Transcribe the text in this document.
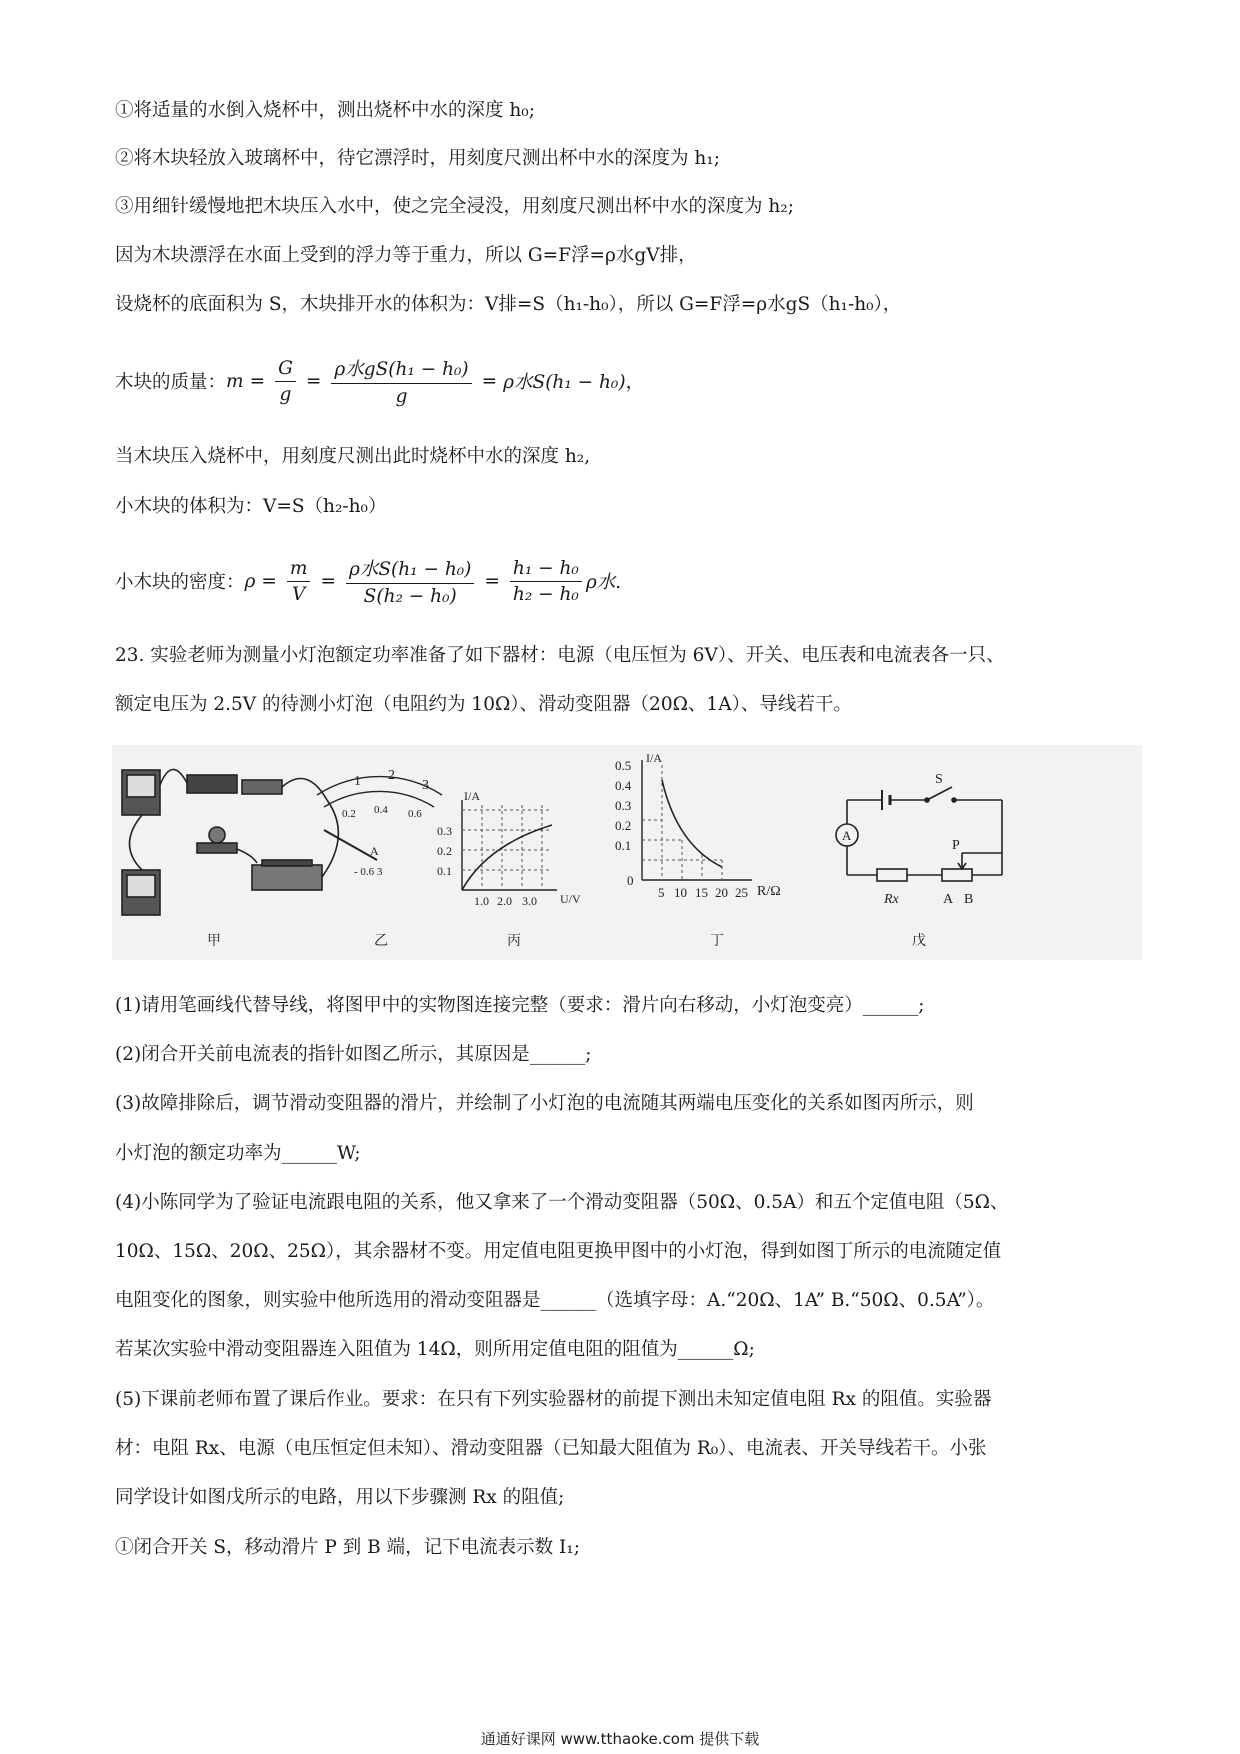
①将适量的水倒入烧杯中，测出烧杯中水的深度 h₀;
②将木块轻放入玻璃杯中，待它漂浮时，用刻度尺测出杯中水的深度为 h₁;
③用细针缓慢地把木块压入水中，使之完全浸没，用刻度尺测出杯中水的深度为 h₂;
因为木块漂浮在水面上受到的浮力等于重力，所以 G=F浮=ρ水gV排，
设烧杯的底面积为 S，木块排开水的体积为：V排=S（h₁-h₀），所以 G=F浮=ρ水gS（h₁-h₀），
木块的质量： $m = \frac{G}{g} = \frac{\text{ρ水gS(h₁ − h₀)}}{g} = \rho$水S(h₁ − h₀) ，
当木块压入烧杯中，用刻度尺测出此时烧杯中水的深度 h₂,
小木块的体积为：V=S（h₂-h₀）
小木块的密度： $\rho = \frac{m}{V} = \frac{\text{ρ水S(h₁ − h₀)}}{\text{S(h₂ − h₀)}} = \frac{\text{h₁ − h₀}}{\text{h₂ − h₀}}$ ρ水.
23. 实验老师为测量小灯泡额定功率准备了如下器材：电源（电压恒为 6V）、开关、电压表和电流表各一只、
额定电压为 2.5V 的待测小灯泡（电阻约为 10Ω）、滑动变阻器（20Ω、1A）、导线若干。
甲
1 2
3
0.2 0.4 0.6
A
- 0.6 3
乙
I/A
U/V
0.3
0.2
0.1
1.0 2.0 3.0
丙
I/A
R/Ω
0.5
0.4
0.3
0.2
0.1
0
5 10 15 20 25
丁
S
A
P
Rx	A B
戊
(1)请用笔画线代替导线，将图甲中的实物图连接完整（要求：滑片向右移动，小灯泡变亮）______;
(2)闭合开关前电流表的指针如图乙所示，其原因是______;
(3)故障排除后，调节滑动变阻器的滑片，并绘制了小灯泡的电流随其两端电压变化的关系如图丙所示，则
小灯泡的额定功率为______W;
(4)小陈同学为了验证电流跟电阻的关系，他又拿来了一个滑动变阻器（50Ω、0.5A）和五个定值电阻（5Ω、
10Ω、15Ω、20Ω、25Ω），其余器材不变。用定值电阻更换甲图中的小灯泡，得到如图丁所示的电流随定值
电阻变化的图象，则实验中他所选用的滑动变阻器是______（选填字母：A.“20Ω、1A” B.“50Ω、0.5A”）。
若某次实验中滑动变阻器连入阻值为 14Ω，则所用定值电阻的阻值为______Ω;
(5)下课前老师布置了课后作业。要求：在只有下列实验器材的前提下测出未知定值电阻 Rx 的阻值。实验器
材：电阻 Rx、电源（电压恒定但未知）、滑动变阻器（已知最大阻值为 R₀）、电流表、开关导线若干。小张
同学设计如图戊所示的电路，用以下步骤测 Rx 的阻值;
①闭合开关 S，移动滑片 P 到 B 端，记下电流表示数 I₁;
通通好课网 www.tthaoke.com 提供下载
